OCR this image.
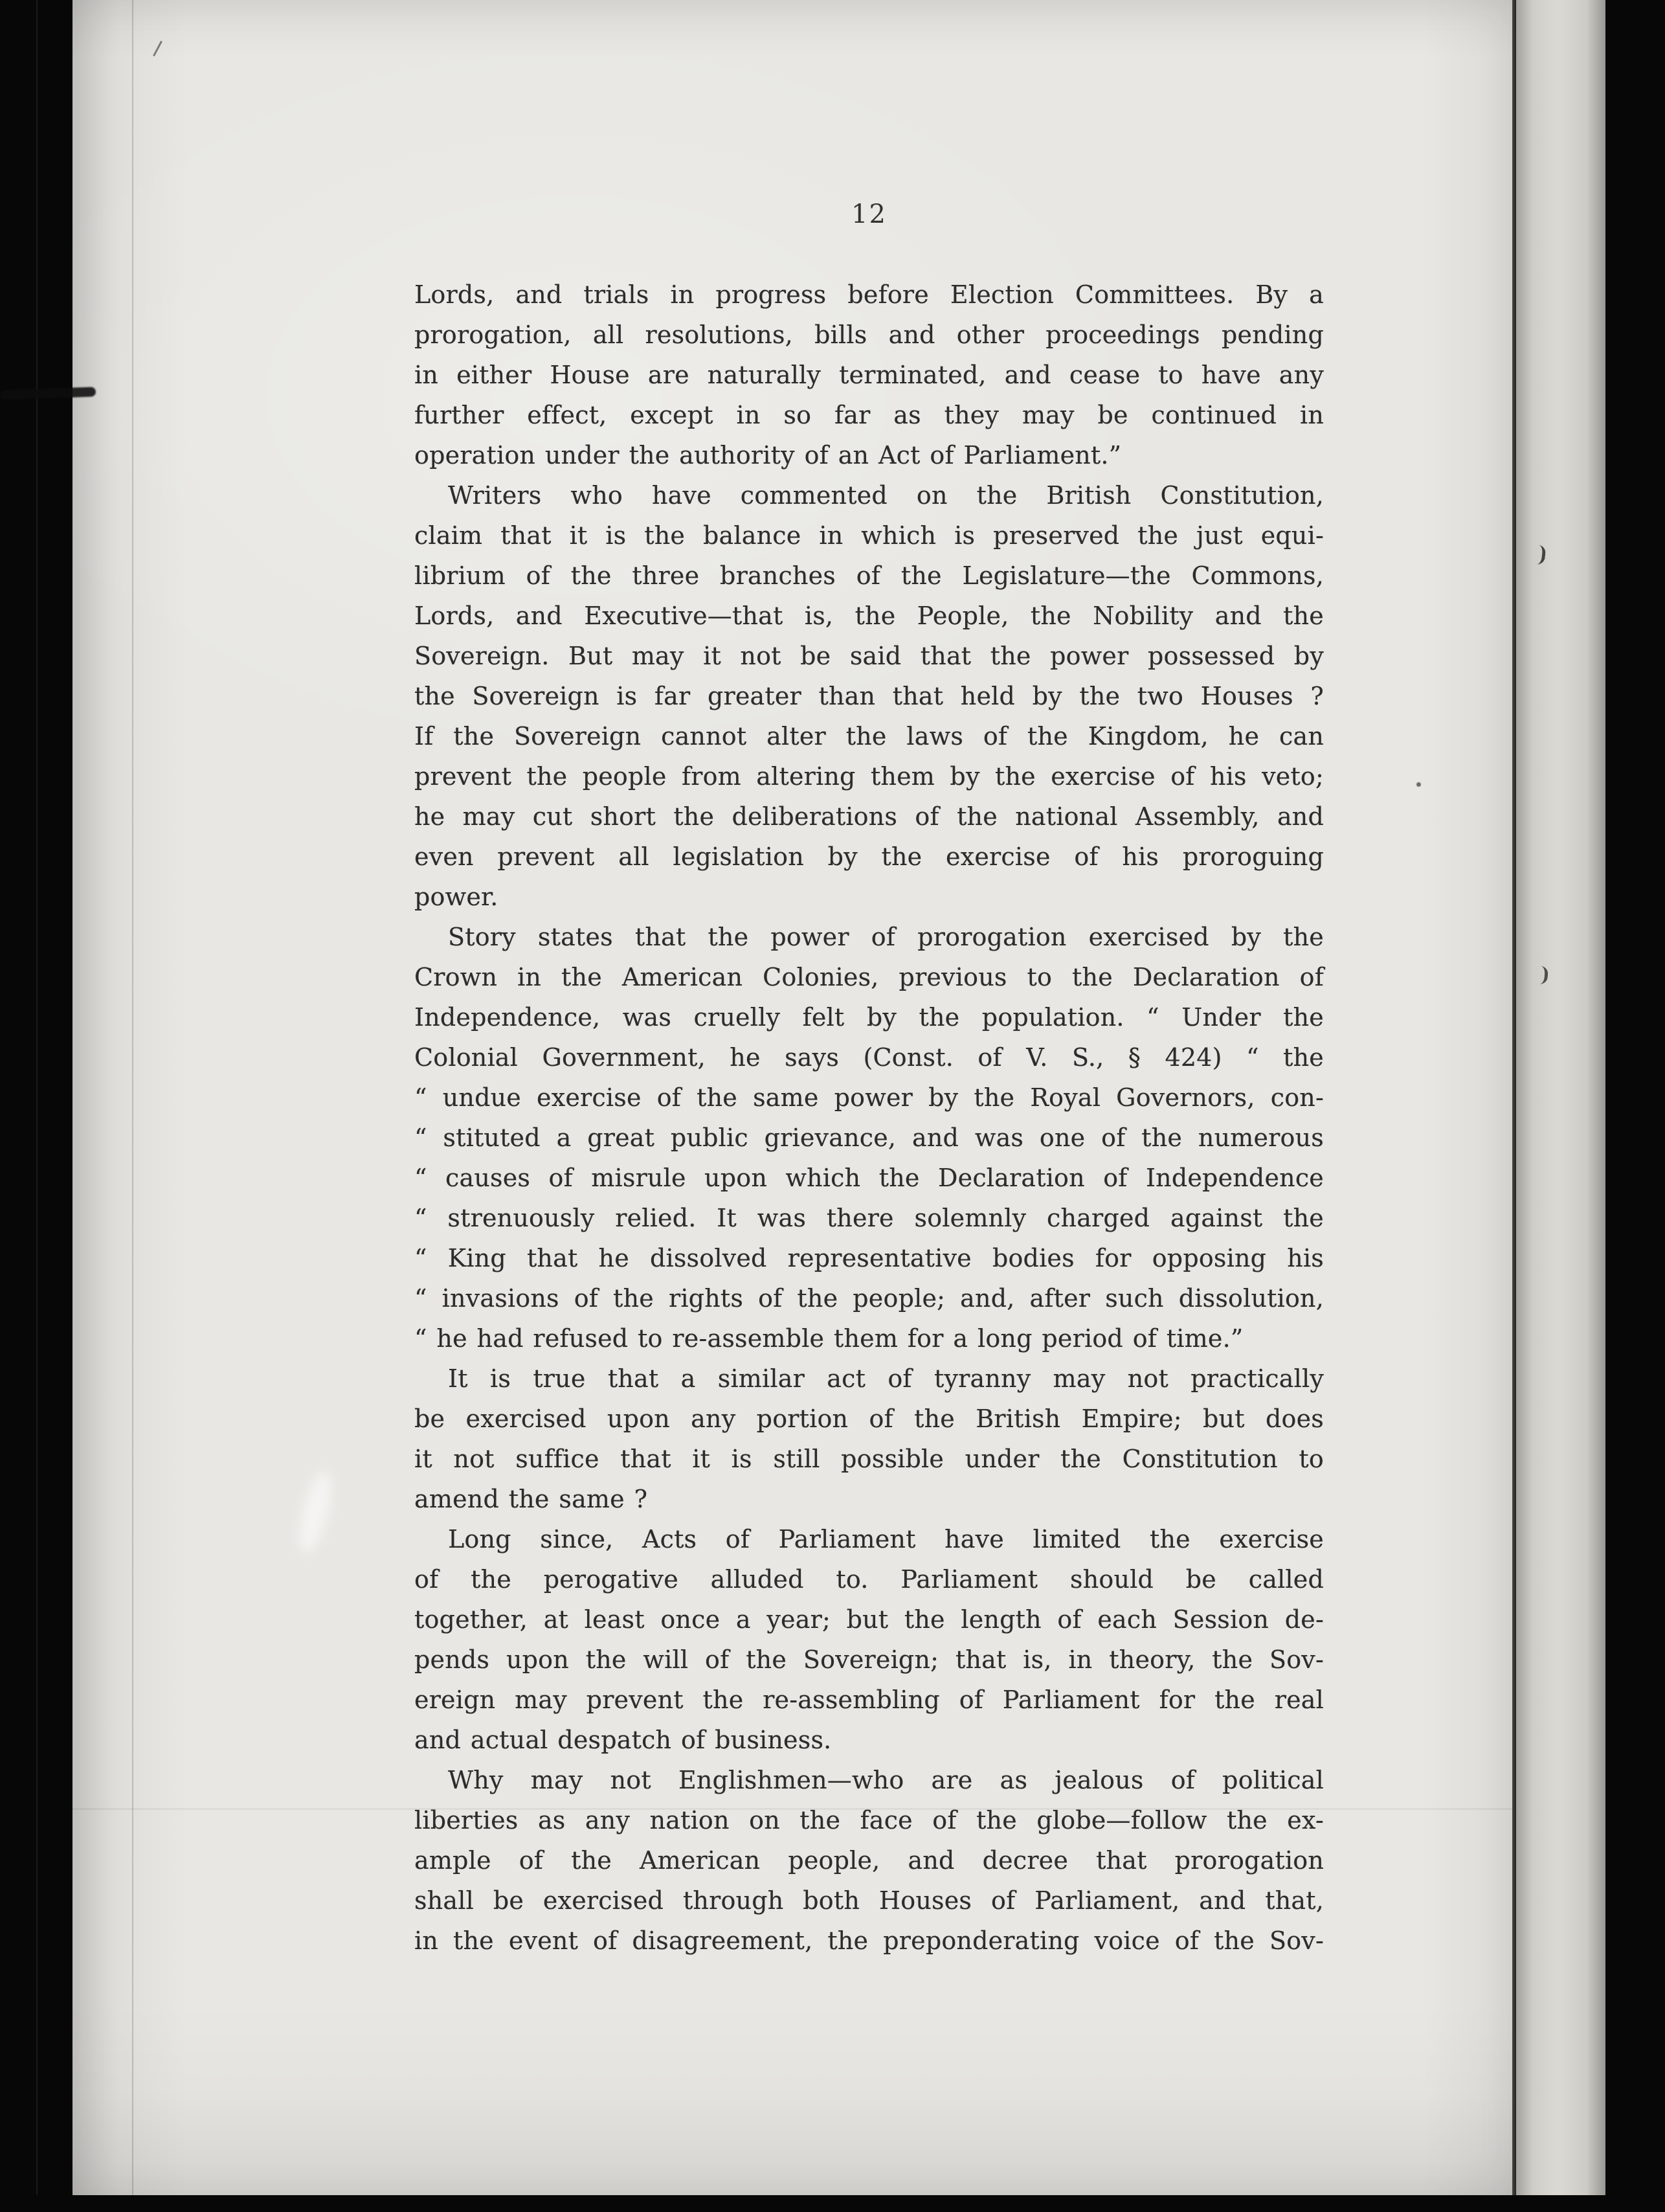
12
Lords, and trials in progress before Election Committees. By a
prorogation, all resolutions, bills and other proceedings pending
in either House are naturally terminated, and cease to have any
further effect, except in so far as they may be continued in
operation under the authority of an Act of Parliament.”
Writers who have commented on the British Constitution,
claim that it is the balance in which is preserved the just equi-
librium of the three branches of the Legislature—the Commons,
Lords, and Executive—that is, the People, the Nobility and the
Sovereign. But may it not be said that the power possessed by
the Sovereign is far greater than that held by the two Houses ?
If the Sovereign cannot alter the laws of the Kingdom, he can
prevent the people from altering them by the exercise of his veto;
he may cut short the deliberations of the national Assembly, and
even prevent all legislation by the exercise of his proroguing
power.
Story states that the power of prorogation exercised by the
Crown in the American Colonies, previous to the Declaration of
Independence, was cruelly felt by the population. “ Under the
Colonial Government, he says (Const. of V. S., § 424) “ the
“ undue exercise of the same power by the Royal Governors, con-
“ stituted a great public grievance, and was one of the numerous
“ causes of misrule upon which the Declaration of Independence
“ strenuously relied. It was there solemnly charged against the
“ King that he dissolved representative bodies for opposing his
“ invasions of the rights of the people; and, after such dissolution,
“ he had refused to re-assemble them for a long period of time.”
It is true that a similar act of tyranny may not practically
be exercised upon any portion of the British Empire; but does
it not suffice that it is still possible under the Constitution to
amend the same ?
Long since, Acts of Parliament have limited the exercise
of the perogative alluded to. Parliament should be called
together, at least once a year; but the length of each Session de-
pends upon the will of the Sovereign; that is, in theory, the Sov-
ereign may prevent the re-assembling of Parliament for the real
and actual despatch of business.
Why may not Englishmen—who are as jealous of political
liberties as any nation on the face of the globe—follow the ex-
ample of the American people, and decree that prorogation
shall be exercised through both Houses of Parliament, and that,
in the event of disagreement, the preponderating voice of the Sov-
